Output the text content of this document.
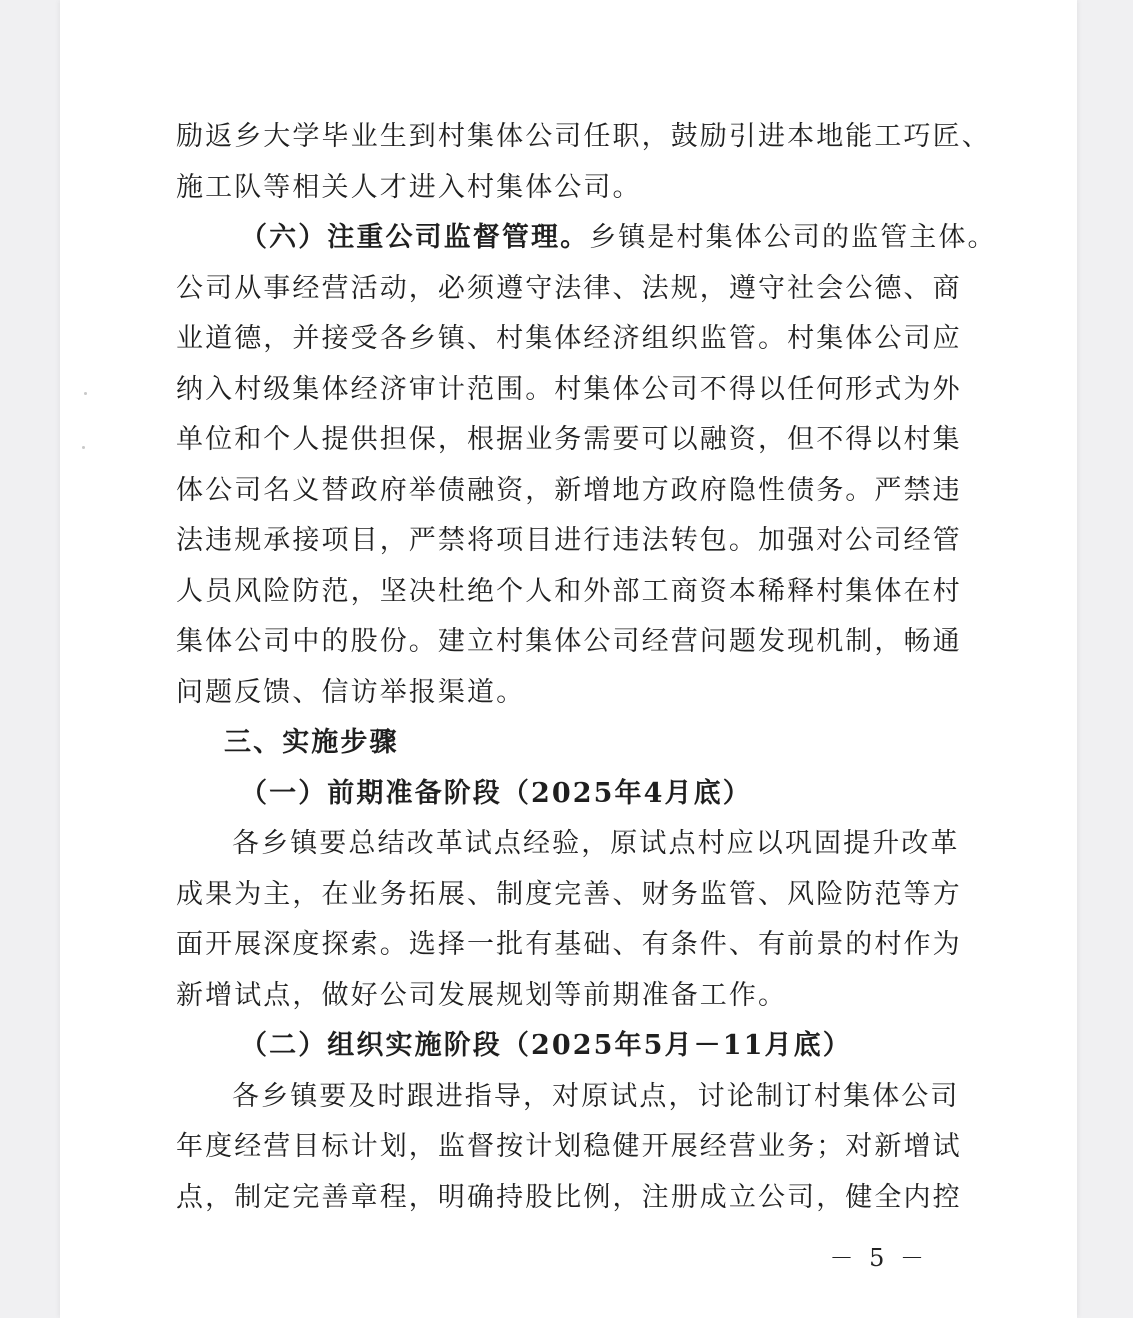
励返乡大学毕业生到村集体公司任职，鼓励引进本地能工巧匠、
施工队等相关人才进入村集体公司。
（六）注重公司监督管理。乡镇是村集体公司的监管主体。
公司从事经营活动，必须遵守法律、法规，遵守社会公德、商
业道德，并接受各乡镇、村集体经济组织监管。村集体公司应
纳入村级集体经济审计范围。村集体公司不得以任何形式为外
单位和个人提供担保，根据业务需要可以融资，但不得以村集
体公司名义替政府举债融资，新增地方政府隐性债务。严禁违
法违规承接项目，严禁将项目进行违法转包。加强对公司经管
人员风险防范，坚决杜绝个人和外部工商资本稀释村集体在村
集体公司中的股份。建立村集体公司经营问题发现机制，畅通
问题反馈、信访举报渠道。
三、实施步骤
（一）前期准备阶段（2025年4月底）
各乡镇要总结改革试点经验，原试点村应以巩固提升改革
成果为主，在业务拓展、制度完善、财务监管、风险防范等方
面开展深度探索。选择一批有基础、有条件、有前景的村作为
新增试点，做好公司发展规划等前期准备工作。
（二）组织实施阶段（2025年5月－11月底）
各乡镇要及时跟进指导，对原试点，讨论制订村集体公司
年度经营目标计划，监督按计划稳健开展经营业务；对新增试
点，制定完善章程，明确持股比例，注册成立公司，健全内控
－ 5 －
